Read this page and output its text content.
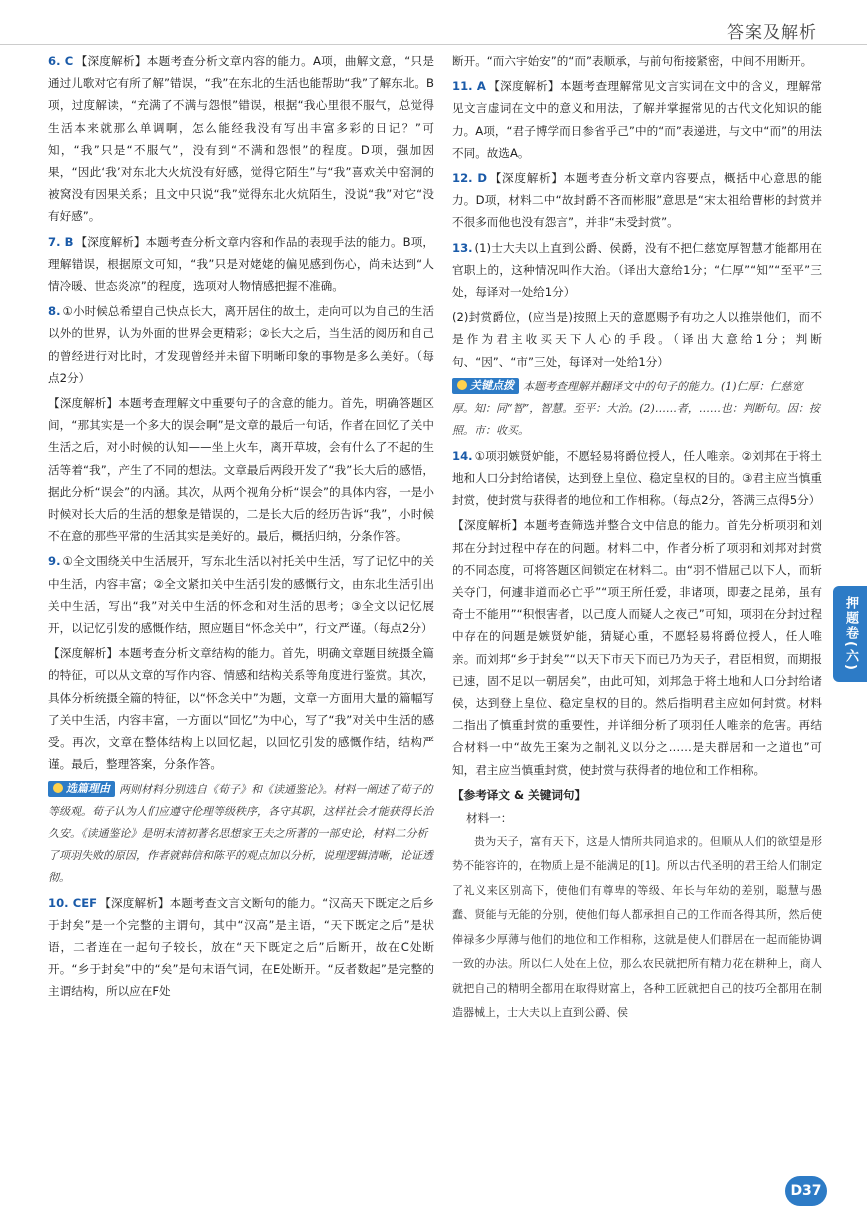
答案及解析

6. C 【深度解析】本题考查分析文章内容的能力。A项，曲解文意，“只是通过儿歌对它有所了解”错误，“我”在东北的生活也能帮助“我”了解东北。B项，过度解读，“充满了不满与怨恨”错误，根据“我心里很不服气，总觉得生活本来就那么单调啊，怎么能经我没有写出丰富多彩的日记？”可知，“我”只是“不服气”，没有到“不满和怨恨”的程度。D项，强加因果，“因此‘我’对东北大火炕没有好感，觉得它陌生”与“我”喜欢关中窑洞的被窝没有因果关系；且文中只说“我”觉得东北火炕陌生，没说“我”对它“没有好感”。

7. B 【深度解析】本题考查分析文章内容和作品的表现手法的能力。B项，理解错误，根据原文可知，“我”只是对姥姥的偏见感到伤心，尚未达到“人情冷暖、世态炎凉”的程度，选项对人物情感把握不准确。

8. ①小时候总希望自己快点长大，离开居住的故土，走向可以为自己的生活以外的世界，认为外面的世界会更精彩；②长大之后，当生活的阅历和自己的曾经进行对比时，才发现曾经并未留下明晰印象的事物是多么美好。（每点2分）

【深度解析】本题考查理解文中重要句子的含意的能力。首先，明确答题区间，“那其实是一个多大的误会啊”是文章的最后一句话，作者在回忆了关中生活之后，对小时候的认知——坐上火车，离开草坡，会有什么了不起的生活等着“我”，产生了不同的想法。文章最后两段开发了“我”长大后的感悟，据此分析“误会”的内涵。其次，从两个视角分析“误会”的具体内容，一是小时候对长大后的生活的想象是错误的，二是长大后的经历告诉“我”，小时候不在意的那些平常的生活其实是美好的。最后，概括归纳，分条作答。

9. ①全文围绕关中生活展开，写东北生活以衬托关中生活，写了记忆中的关中生活，内容丰富；②全文紧扣关中生活引发的感慨行文，由东北生活引出关中生活，写出“我”对关中生活的怀念和对生活的思考；③全文以记忆展开，以记忆引发的感慨作结，照应题目“怀念关中”，行文严谨。（每点2分）

【深度解析】本题考查分析文章结构的能力。首先，明确文章题目统摄全篇的特征，可以从文章的写作内容、情感和结构关系等角度进行鉴赏。其次，具体分析统摄全篇的特征，以“怀念关中”为题，文章一方面用大量的篇幅写了关中生活，内容丰富，一方面以“回忆”为中心，写了“我”对关中生活的感受。再次，文章在整体结构上以回忆起，以回忆引发的感慨作结，结构严谨。最后，整理答案，分条作答。

选篇理由 两则材料分别选自《荀子》和《读通鉴论》。材料一阐述了荀子的等级观。荀子认为人们应遵守伦理等级秩序，各守其职，这样社会才能获得长治久安。《读通鉴论》是明末清初著名思想家王夫之所著的一部史论，材料二分析了项羽失败的原因，作者就韩信和陈平的观点加以分析，说理逻辑清晰，论证透彻。

10. CEF 【深度解析】本题考查文言文断句的能力。“汉高天下既定之后乡于封矣”是一个完整的主谓句，其中“汉高”是主语，“天下既定之后”是状语，二者连在一起句子较长，放在“天下既定之后”后断开，故在C处断开。“乡于封矣”中的“矣”是句末语气词，在E处断开。“反者数起”是完整的主谓结构，所以应在F处

断开。“而六宇始安”的“而”表顺承，与前句衔接紧密，中间不用断开。

11. A 【深度解析】本题考查理解常见文言实词在文中的含义，理解常见文言虚词在文中的意义和用法，了解并掌握常见的古代文化知识的能力。A项，“君子博学而日参省乎己”中的“而”表递进，与文中“而”的用法不同。故选A。

12. D 【深度解析】本题考查分析文章内容要点，概括中心意思的能力。D项，材料二中“故封爵不吝而彬服”意思是“宋太祖给曹彬的封赏并不很多而他也没有怨言”，并非“未受封赏”。

13. (1)士大夫以上直到公爵、侯爵，没有不把仁慈宽厚智慧才能都用在官职上的，这种情况叫作大治。（译出大意给1分；“仁厚”“知”“至平”三处，每译对一处给1分）

(2)封赏爵位，(应当是)按照上天的意愿赐予有功之人以推崇他们，而不是作为君主收买天下人心的手段。（译出大意给1分；判断句、“因”、“市”三处，每译对一处给1分）

关键点拨 本题考查理解并翻译文中的句子的能力。(1)仁厚：仁慈宽厚。知：同“智”，智慧。至平：大治。(2)……者，……也：判断句。因：按照。市：收买。

14. ①项羽嫉贤妒能，不愿轻易将爵位授人，任人唯亲。②刘邦在于将土地和人口分封给诸侯，达到登上皇位、稳定皇权的目的。③君主应当慎重封赏，使封赏与获得者的地位和工作相称。（每点2分，答满三点得5分）

【深度解析】本题考查筛选并整合文中信息的能力。首先分析项羽和刘邦在分封过程中存在的问题。材料二中，作者分析了项羽和刘邦对封赏的不同态度，可将答题区间锁定在材料二。由“羽不惜屈己以下人，而斩关夺门，何遽非道而必亡乎”“项王所任爱，非诸项，即妻之昆弟，虽有奇士不能用”“积恨害者，以己度人而疑人之夜己”可知，项羽在分封过程中存在的问题是嫉贤妒能，猜疑心重，不愿轻易将爵位授人，任人唯亲。而刘邦“乡于封矣”“以天下市天下而已乃为天子，君臣相贸，而期报已速，固不足以一朝居矣”，由此可知，刘邦急于将土地和人口分封给诸侯，达到登上皇位、稳定皇权的目的。然后指明君主应如何封赏。材料二指出了慎重封赏的重要性，并详细分析了项羽任人唯亲的危害。再结合材料一中“故先王案为之制礼义以分之……是夫群居和一之道也”可知，君主应当慎重封赏，使封赏与获得者的地位和工作相称。

【参考译文 & 关键词句】

材料一：

贵为天子，富有天下，这是人情所共同追求的。但顺从人们的欲望是形势不能容许的，在物质上是不能满足的[1]。所以古代圣明的君王给人们制定了礼义来区别高下，使他们有尊卑的等级、年长与年幼的差别，聪慧与愚蠢、贤能与无能的分别，使他们每人都承担自己的工作而各得其所，然后使俸禄多少厚薄与他们的地位和工作相称，这就是使人们群居在一起而能协调一致的办法。所以仁人处在上位，那么农民就把所有精力花在耕种上，商人就把自己的精明全都用在取得财富上，各种工匠就把自己的技巧全都用在制造器械上，士大夫以上直到公爵、侯

押题卷(六)
D37
